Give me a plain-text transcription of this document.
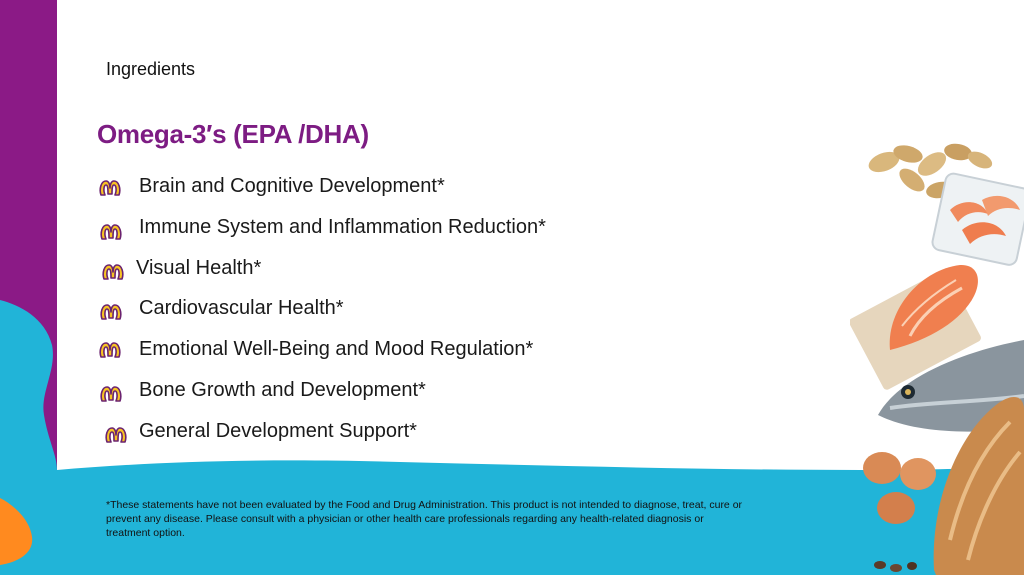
Ingredients
Omega-3′s (EPA /DHA)
Brain and Cognitive Development*
Immune System and Inflammation Reduction*
Visual Health*
Cardiovascular Health*
Emotional Well-Being and Mood Regulation*
Bone Growth and Development*
General Development Support*

*These statements have not been evaluated by the Food and Drug Administration. This product is not intended to diagnose, treat, cure or prevent any disease. Please consult with a physician or other health care professionals regarding any health-related diagnosis or treatment option.
